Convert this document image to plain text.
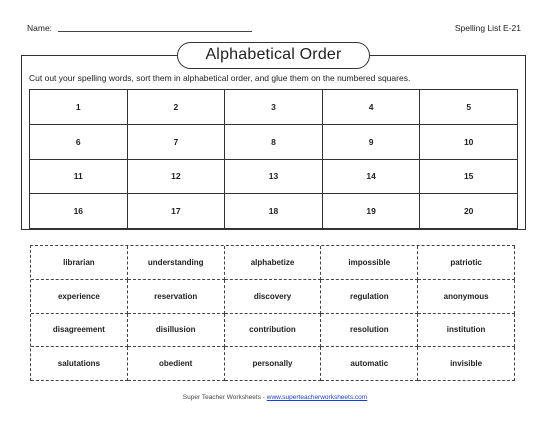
Name:	Spelling List E-21
Alphabetical Order
Cut out your spelling words, sort them in alphabetical order, and glue them on the numbered squares.
1	2	3	4	5
6	7	8	9	10
11	12	13	14	15
16	17	18	19	20
librarian	understanding	alphabetize	impossible	patriotic
experience	reservation	discovery	regulation	anonymous
disagreement	disillusion	contribution	resolution	institution
salutations	obedient	personally	automatic	invisible
Super Teacher Worksheets - www.superteacherworksheets.com
